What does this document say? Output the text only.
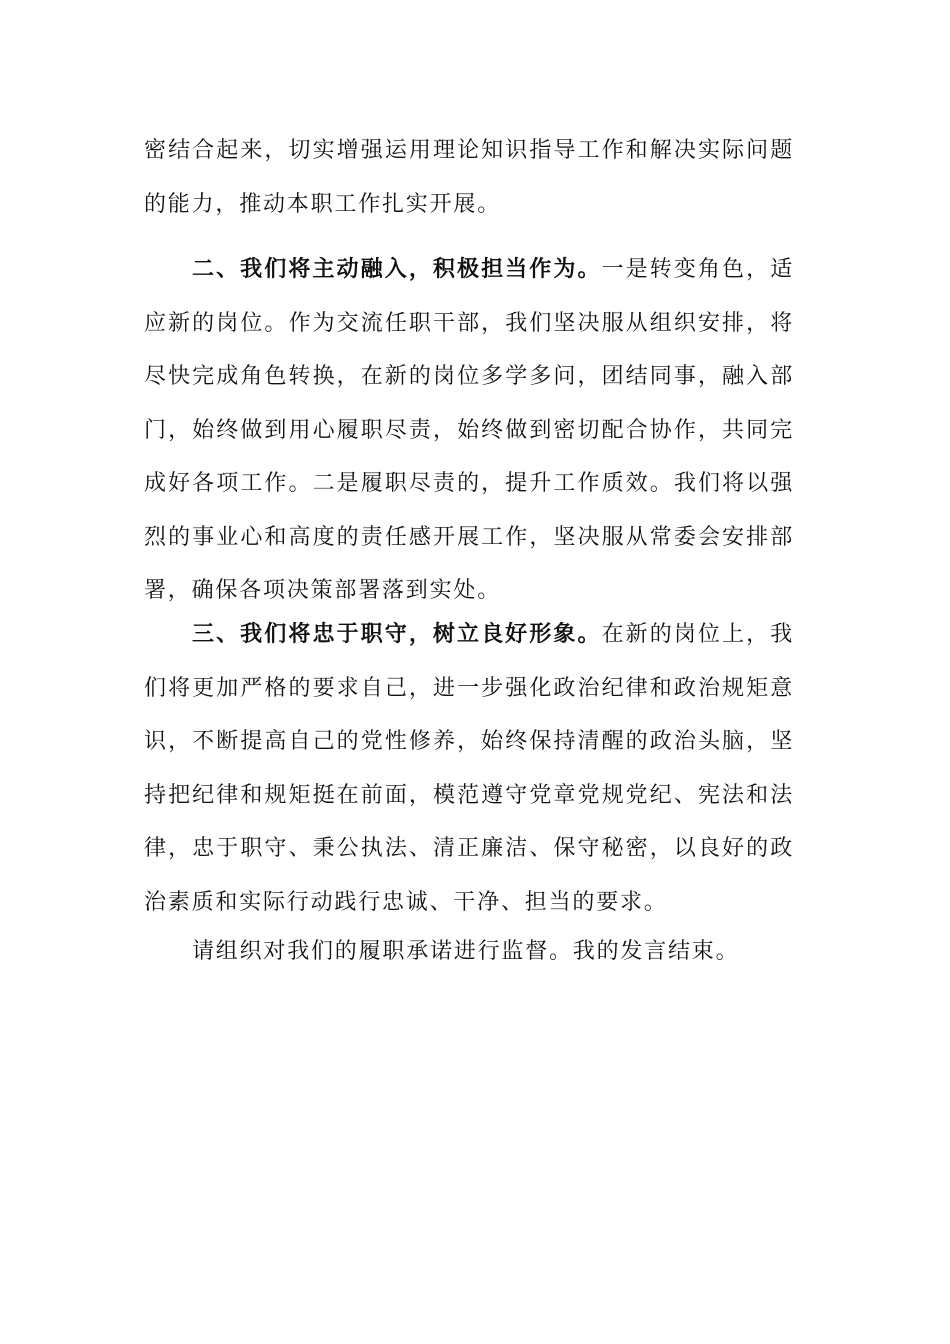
密结合起来，切实增强运用理论知识指导工作和解决实际问题的能力，推动本职工作扎实开展。

二、我们将主动融入，积极担当作为。一是转变角色，适应新的岗位。作为交流任职干部，我们坚决服从组织安排，将尽快完成角色转换，在新的岗位多学多问，团结同事，融入部门，始终做到用心履职尽责，始终做到密切配合协作，共同完成好各项工作。二是履职尽责的，提升工作质效。我们将以强烈的事业心和高度的责任感开展工作，坚决服从常委会安排部署，确保各项决策部署落到实处。

三、我们将忠于职守，树立良好形象。在新的岗位上，我们将更加严格的要求自己，进一步强化政治纪律和政治规矩意识，不断提高自己的党性修养，始终保持清醒的政治头脑，坚持把纪律和规矩挺在前面，模范遵守党章党规党纪、宪法和法律，忠于职守、秉公执法、清正廉洁、保守秘密，以良好的政治素质和实际行动践行忠诚、干净、担当的要求。

请组织对我们的履职承诺进行监督。我的发言结束。
